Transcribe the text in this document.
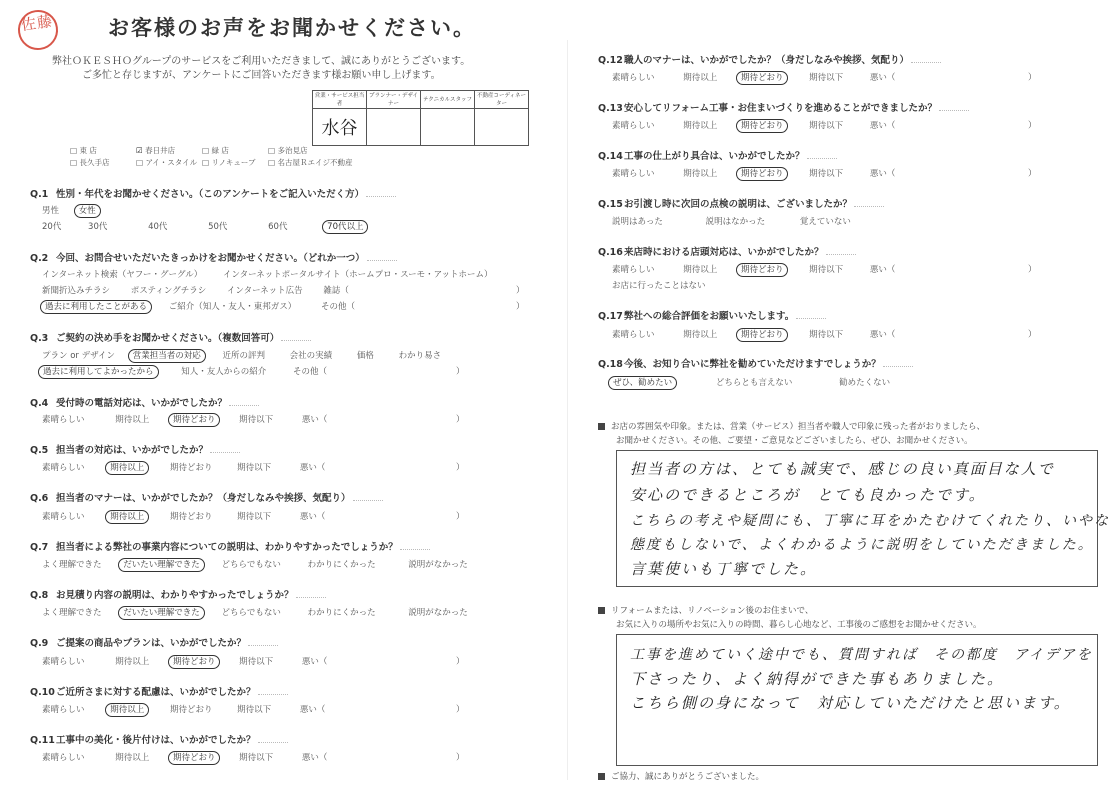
佐藤	お客様のお声をお聞かせください。
弊社ＯＫＥＳＨＯグループのサービスをご利用いただきまして、誠にありがとうございます。
ご多忙と存じますが、アンケートにご回答いただきます様お願い申し上げます。
営業・サービス担当者	プランナー・デザイナー	テクニカルスタッフ	不動産コーディネーター
水谷			
□ 東 店	☑ 春日井店	□ 緑 店	□ 多治見店
□ 長久手店	□ アイ・スタイル □ リノキューブ	□ 名古屋Ｒエイジ不動産
Q.1 性別・年代をお聞かせください。（このアンケートをご記入いただく方）
男性 女性
20代	30代	40代	50代	60代	70代以上
Q.2 今回、お問合せいただいたきっかけをお聞かせください。（どれか一つ）
インターネット検索（ヤフー・グーグル） インターネットポータルサイト（ホームプロ・スーモ・アットホーム）
新聞折込みチラシ ポスティングチラシ インターネット広告 雑誌（	）
過去に利用したことがある	ご紹介（知人・友人・東邦ガス）	その他（	）
Q.3 ご契約の決め手をお聞かせください。（複数回答可）
プラン or デザイン 営業担当者の対応	近所の評判	会社の実績	価格	わかり易さ
過去に利用してよかったから	知人・友人からの紹介	その他（	）
Q.4 受付時の電話対応は、いかがでしたか？
素晴らしい	期待以上	期待どおり	期待以下	悪い（	）
Q.5 担当者の対応は、いかがでしたか？
素晴らしい	期待以上	期待どおり	期待以下	悪い（	）
Q.6 担当者のマナーは、いかがでしたか？（身だしなみや挨拶、気配り）
素晴らしい	期待以上	期待どおり	期待以下	悪い（	）
Q.7 担当者による弊社の事業内容についての説明は、わかりやすかったでしょうか？
よく理解できた	だいたい理解できた	どちらでもない	わかりにくかった	説明がなかった
Q.8 お見積り内容の説明は、わかりやすかったでしょうか？
よく理解できた	だいたい理解できた	どちらでもない	わかりにくかった	説明がなかった
Q.9 ご提案の商品やプランは、いかがでしたか？
素晴らしい	期待以上	期待どおり	期待以下	悪い（	）
Q.10ご近所さまに対する配慮は、いかがでしたか？
素晴らしい	期待以上	期待どおり	期待以下	悪い（	）
Q.11工事中の美化・後片付けは、いかがでしたか？
素晴らしい	期待以上	期待どおり	期待以下	悪い（	）
Q.12職人のマナーは、いかがでしたか？（身だしなみや挨拶、気配り）
素晴らしい	期待以上	期待どおり	期待以下	悪い（	）
Q.13安心してリフォーム工事・お住まいづくりを進めることができましたか？
素晴らしい	期待以上	期待どおり	期待以下	悪い（	）
Q.14工事の仕上がり具合は、いかがでしたか？
素晴らしい	期待以上	期待どおり	期待以下	悪い（	）
Q.15お引渡し時に次回の点検の説明は、ございましたか？
説明はあった	説明はなかった	覚えていない
Q.16来店時における店頭対応は、いかがでしたか？
素晴らしい	期待以上	期待どおり	期待以下	悪い（	）
お店に行ったことはない
Q.17弊社への総合評価をお願いいたします。
素晴らしい	期待以上	期待どおり	期待以下	悪い（	）
Q.18今後、お知り合いに弊社を勧めていただけますでしょうか？
ぜひ、勧めたい	どちらとも言えない	勧めたくない
お店の雰囲気や印象。または、営業（サービス）担当者や職人で印象に残った者がおりましたら、
お聞かせください。その他、ご要望・ご意見などございましたら、ぜひ、お聞かせください。
担当者の方は、とても誠実で、感じの良い真面目な人で
安心のできるところが　とても良かったです。
こちらの考えや疑問にも、丁寧に耳をかたむけてくれたり、いやな
態度もしないで、よくわかるように説明をしていただきました。
言葉使いも丁寧でした。
リフォームまたは、リノベーション後のお住まいで、
お気に入りの場所やお気に入りの時間、暮らし心地など、工事後のご感想をお聞かせください。
工事を進めていく途中でも、質問すれば　その都度　アイデアを
下さったり、よく納得ができた事もありました。
こちら側の身になって　対応していただけたと思います。
ご協力、誠にありがとうございました。
